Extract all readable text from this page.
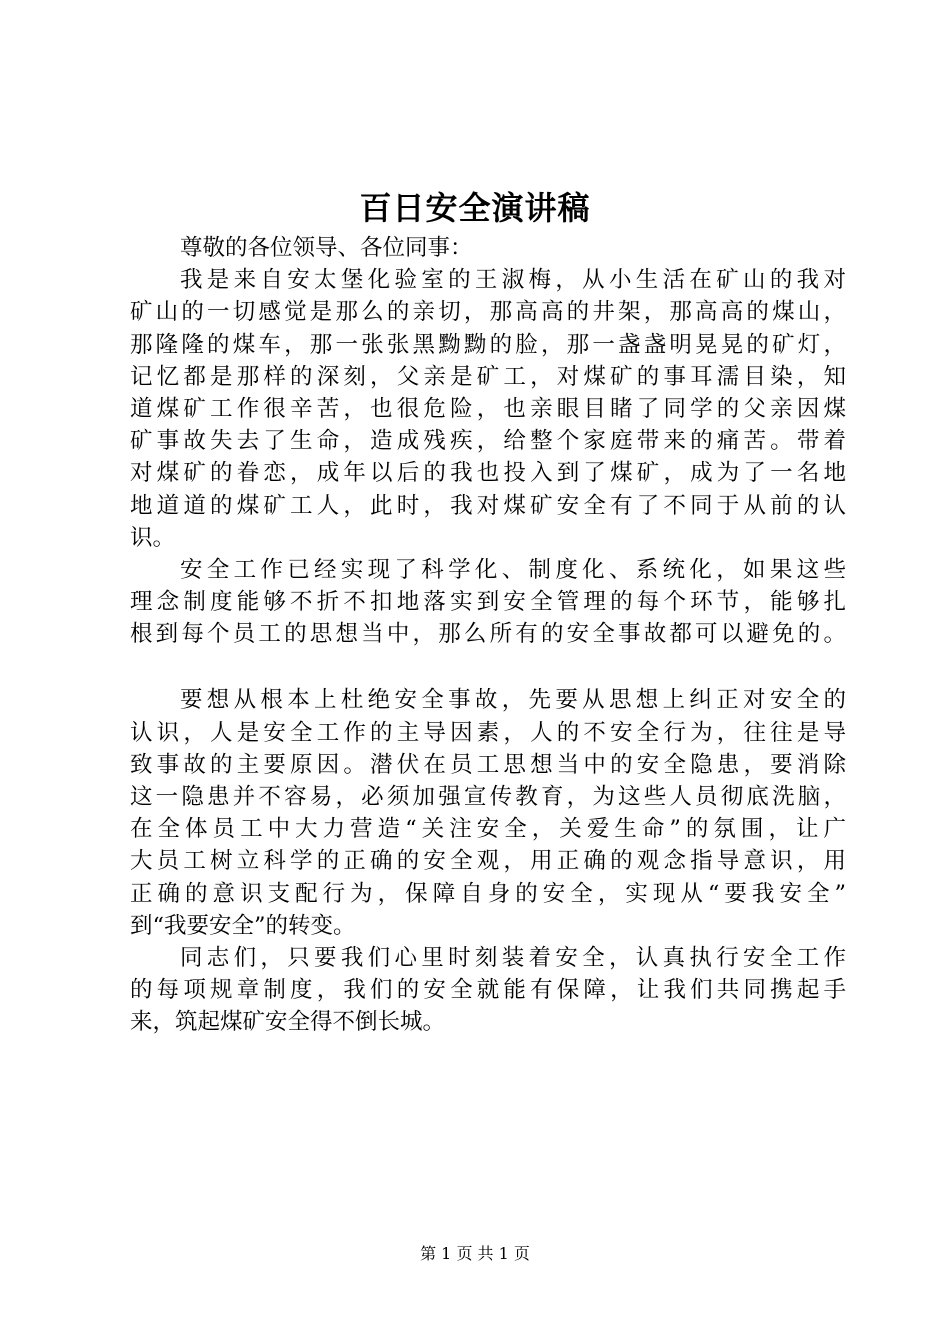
百日安全演讲稿
尊敬的各位领导、各位同事：
我是来自安太堡化验室的王淑梅，从小生活在矿山的我对
矿山的一切感觉是那么的亲切，那高高的井架，那高高的煤山，
那隆隆的煤车，那一张张黑黝黝的脸，那一盏盏明晃晃的矿灯，
记忆都是那样的深刻，父亲是矿工，对煤矿的事耳濡目染，知
道煤矿工作很辛苦，也很危险，也亲眼目睹了同学的父亲因煤
矿事故失去了生命，造成残疾，给整个家庭带来的痛苦。带着
对煤矿的眷恋，成年以后的我也投入到了煤矿，成为了一名地
地道道的煤矿工人，此时，我对煤矿安全有了不同于从前的认
识。
安全工作已经实现了科学化、制度化、系统化，如果这些
理念制度能够不折不扣地落实到安全管理的每个环节，能够扎
根到每个员工的思想当中，那么所有的安全事故都可以避免的。
要想从根本上杜绝安全事故，先要从思想上纠正对安全的
认识，人是安全工作的主导因素，人的不安全行为，往往是导
致事故的主要原因。潜伏在员工思想当中的安全隐患，要消除
这一隐患并不容易，必须加强宣传教育，为这些人员彻底洗脑，
在全体员工中大力营造“关注安全，关爱生命”的氛围，让广
大员工树立科学的正确的安全观，用正确的观念指导意识，用
正确的意识支配行为，保障自身的安全，实现从“要我安全”
到“我要安全”的转变。
同志们，只要我们心里时刻装着安全，认真执行安全工作
的每项规章制度，我们的安全就能有保障，让我们共同携起手
来，筑起煤矿安全得不倒长城。
第 1 页 共 1 页
